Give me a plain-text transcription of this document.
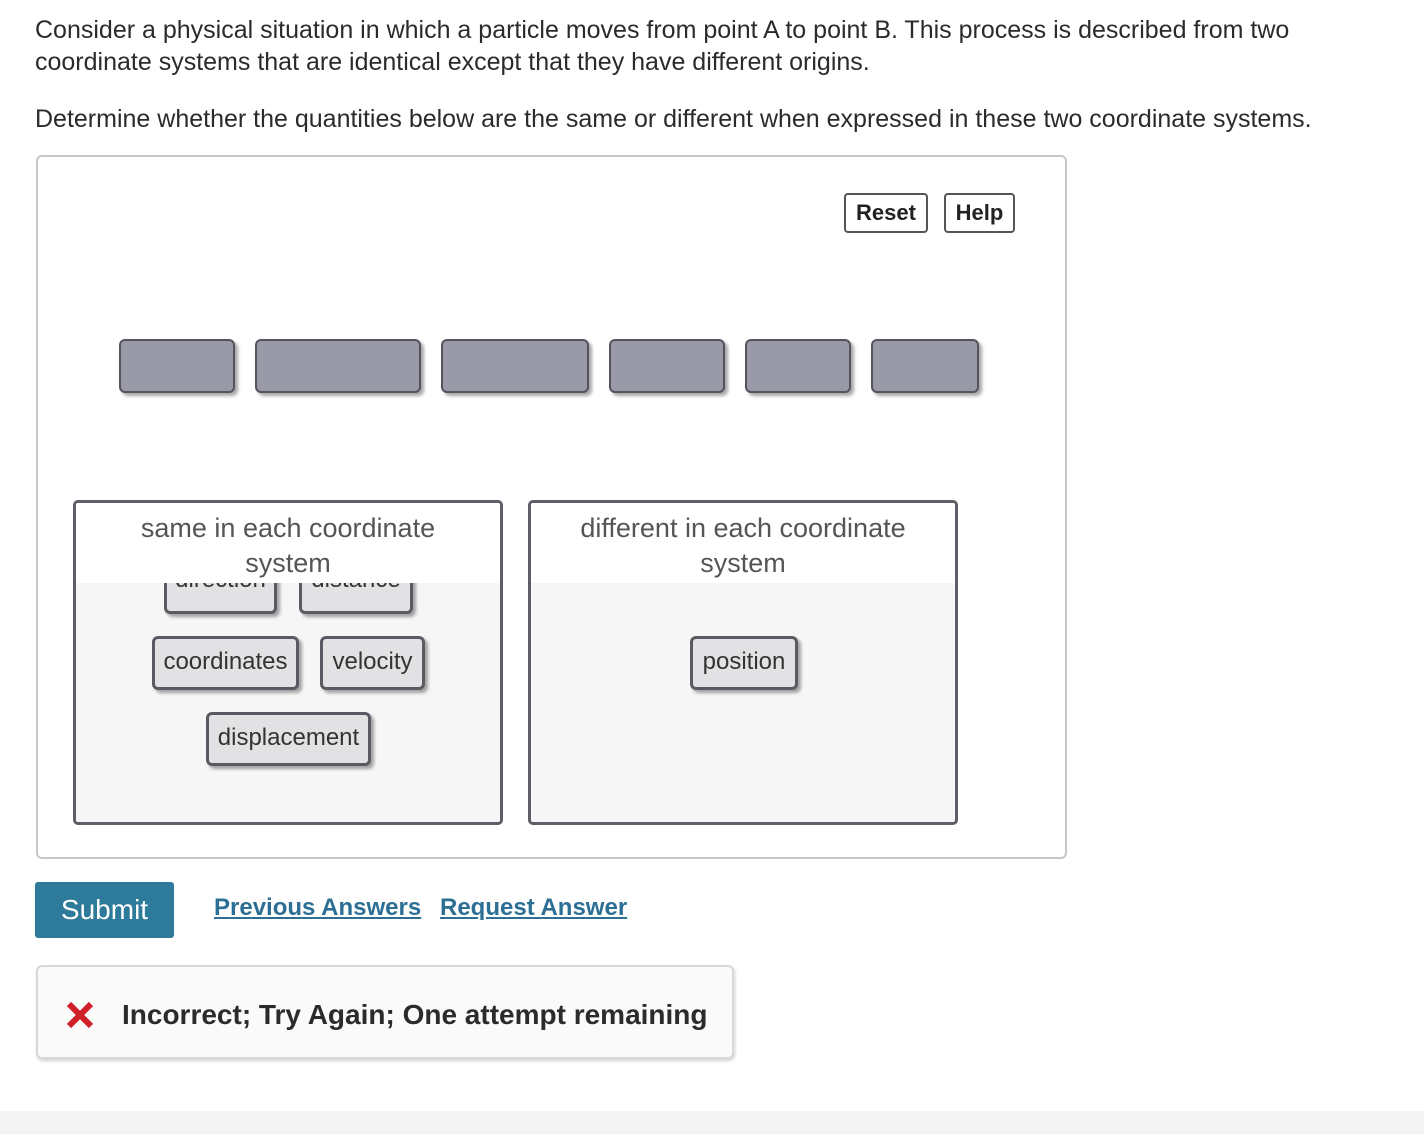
Consider a physical situation in which a particle moves from point A to point B. This process is described from two coordinate systems that are identical except that they have different origins.

Determine whether the quantities below are the same or different when expressed in these two coordinate systems.

Reset	Help
same in each coordinate system
coordinates	velocity
displacement
different in each coordinate system
position
Submit	Previous Answers Request Answer
Incorrect; Try Again; One attempt remaining
